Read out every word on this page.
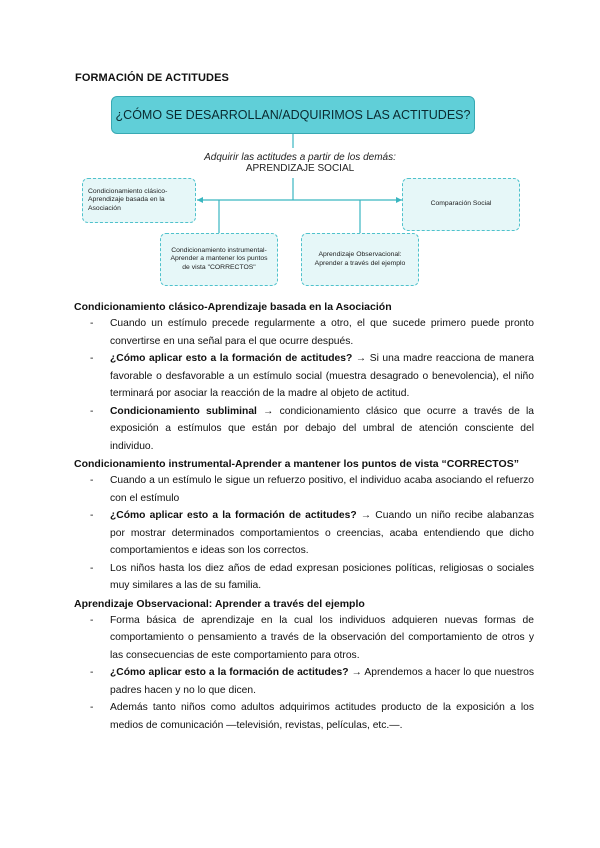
FORMACIÓN DE ACTITUDES
¿CÓMO SE DESARROLLAN/ADQUIRIMOS LAS ACTITUDES?
Adquirir las actitudes a partir de los demás:
APRENDIZAJE SOCIAL
Condicionamiento clásico-Aprendizaje basada en la Asociación
Condicionamiento instrumental-Aprender a mantener los puntos de vista "CORRECTOS"
Aprendizaje Observacional: Aprender a través del ejemplo
Comparación Social

Condicionamiento clásico-Aprendizaje basada en la Asociación

- Cuando un estímulo precede regularmente a otro, el que sucede primero puede pronto convertirse en una señal para el que ocurre después.
- ¿Cómo aplicar esto a la formación de actitudes? → Si una madre reacciona de manera favorable o desfavorable a un estímulo social (muestra desagrado o benevolencia), el niño terminará por asociar la reacción de la madre al objeto de actitud.
- Condicionamiento subliminal → condicionamiento clásico que ocurre a través de la exposición a estímulos que están por debajo del umbral de atención consciente del individuo.

Condicionamiento instrumental-Aprender a mantener los puntos de vista “CORRECTOS”

- Cuando a un estímulo le sigue un refuerzo positivo, el individuo acaba asociando el refuerzo con el estímulo
- ¿Cómo aplicar esto a la formación de actitudes? → Cuando un niño recibe alabanzas por mostrar determinados comportamientos o creencias, acaba entendiendo que dicho comportamientos e ideas son los correctos.
- Los niños hasta los diez años de edad expresan posiciones políticas, religiosas o sociales muy similares a las de su familia.

Aprendizaje Observacional: Aprender a través del ejemplo

- Forma básica de aprendizaje en la cual los individuos adquieren nuevas formas de comportamiento o pensamiento a través de la observación del comportamiento de otros y las consecuencias de este comportamiento para otros.
- ¿Cómo aplicar esto a la formación de actitudes? → Aprendemos a hacer lo que nuestros padres hacen y no lo que dicen.
- Además tanto niños como adultos adquirimos actitudes producto de la exposición a los medios de comunicación —televisión, revistas, películas, etc.—.
